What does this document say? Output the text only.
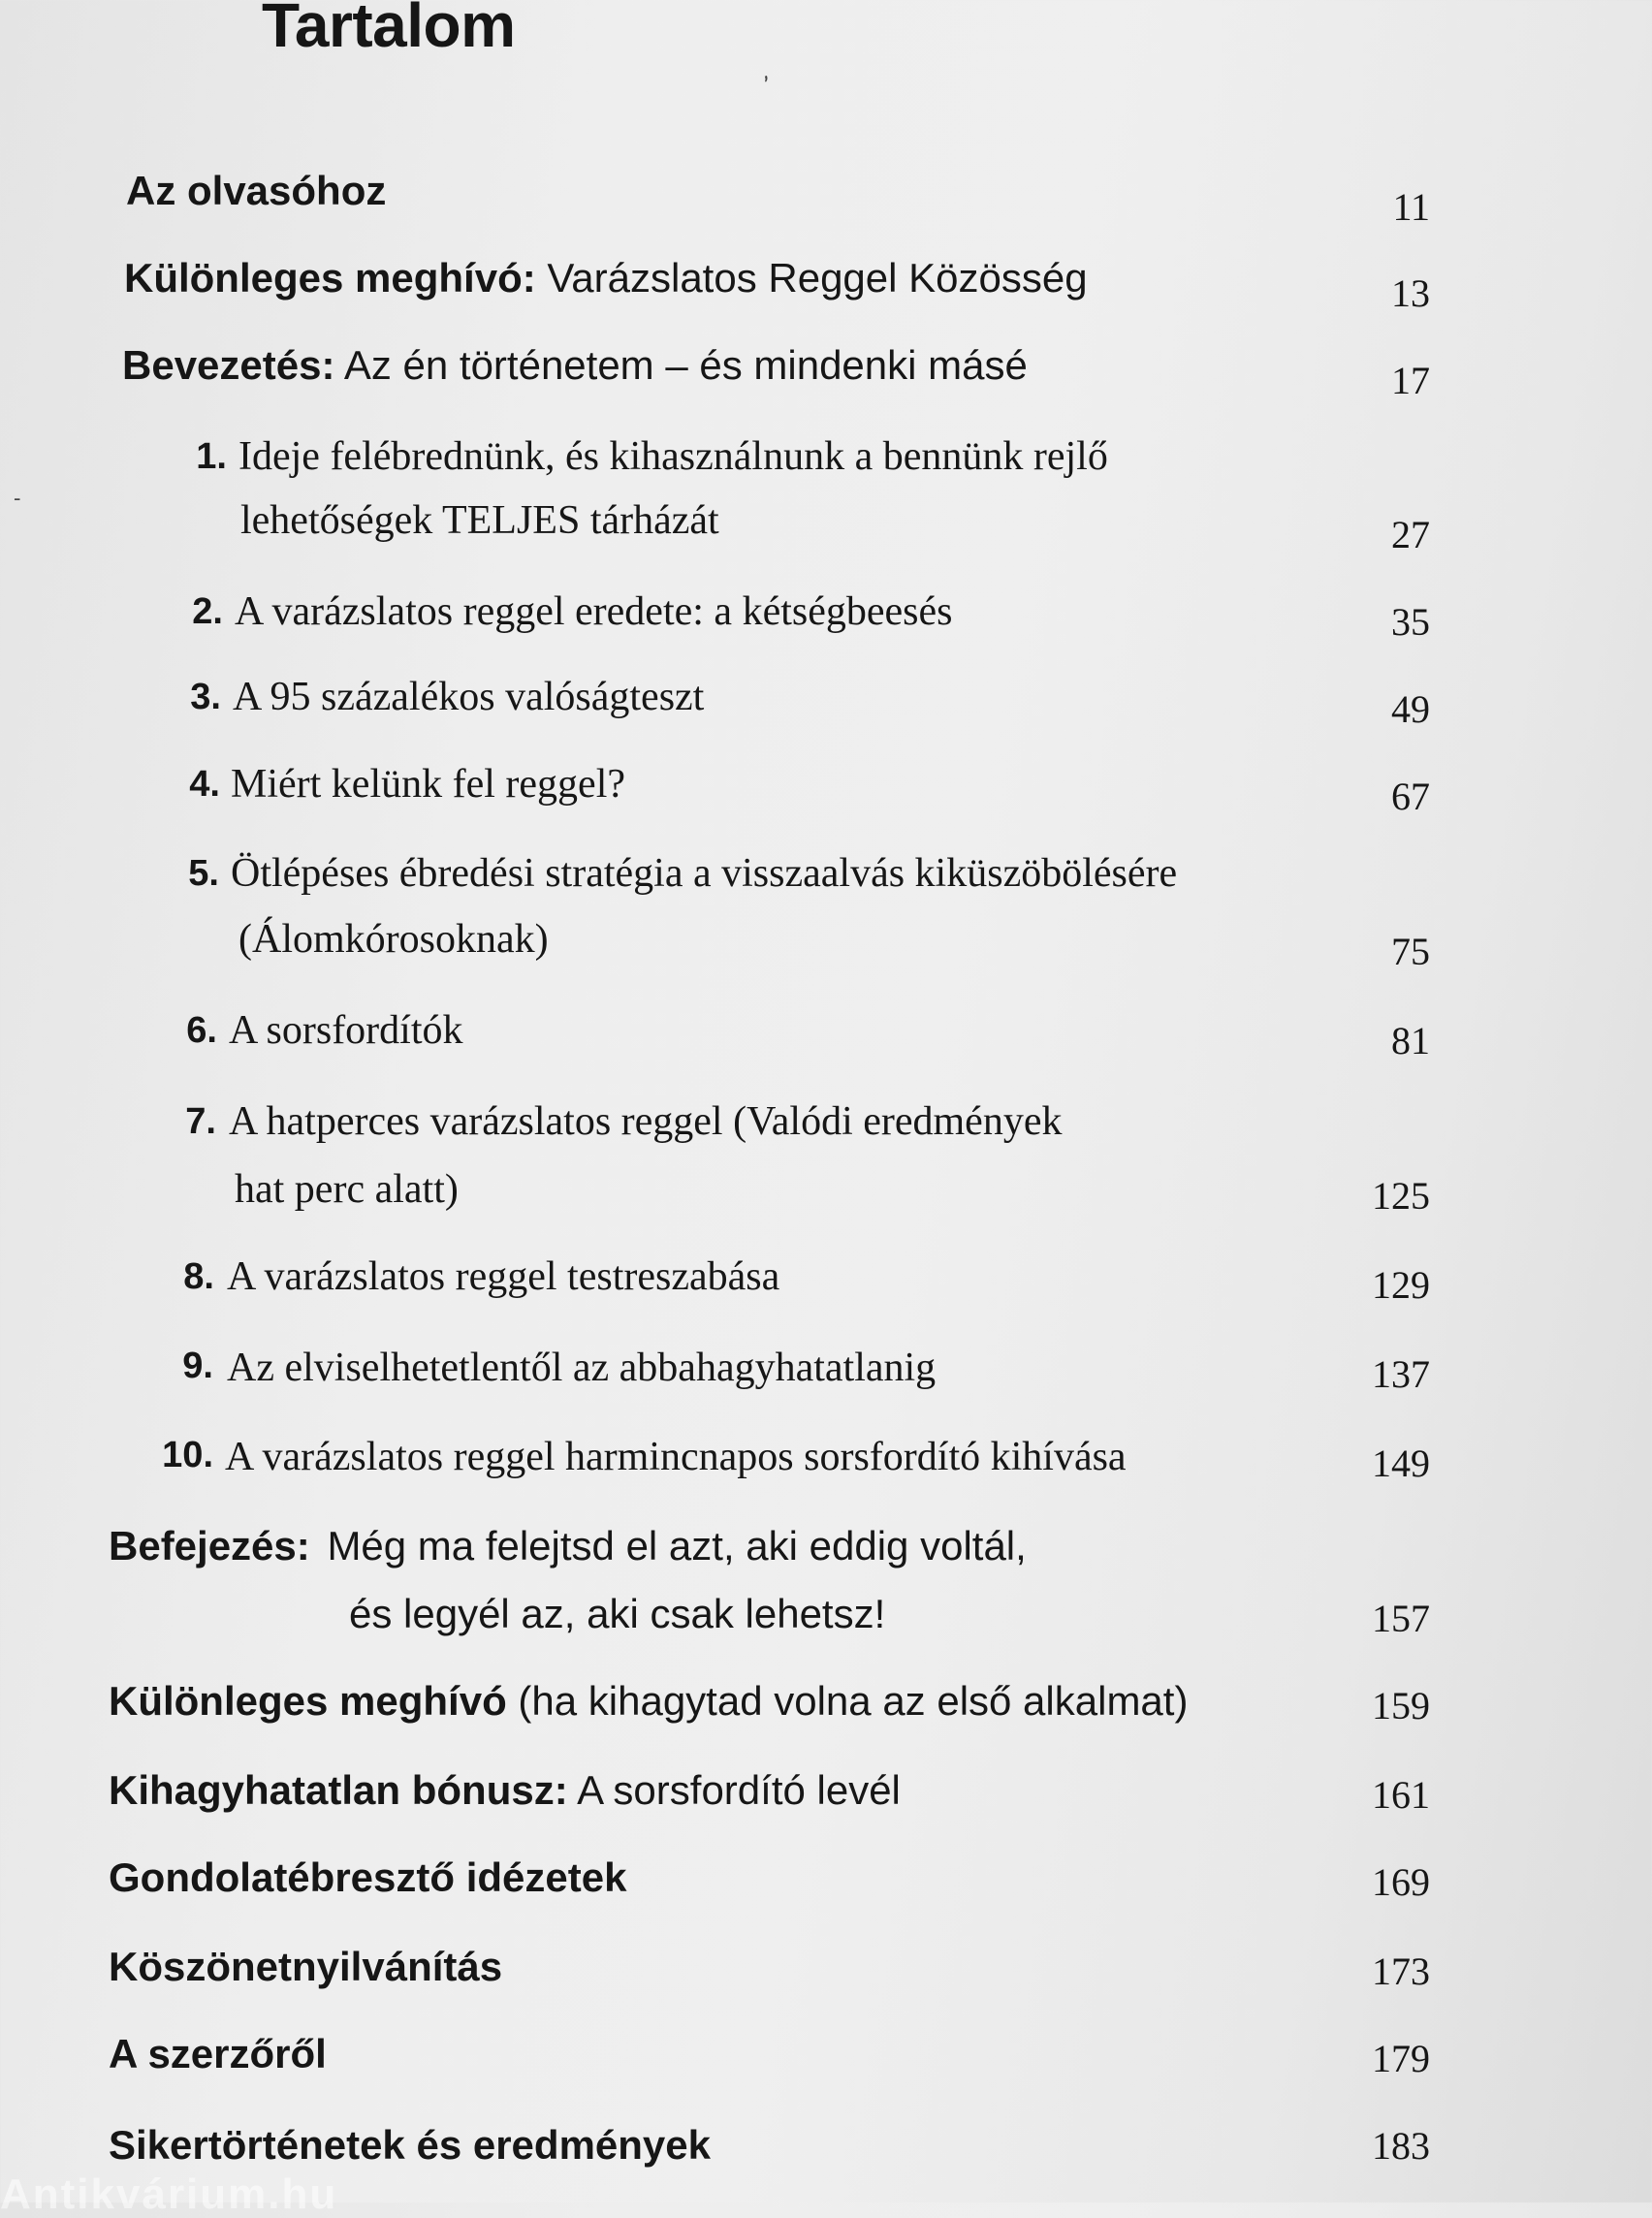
Tartalom
ʼ
-
Az olvasóhoz	11
Különleges meghívó: Varázslatos Reggel Közösség	13
Bevezetés: Az én történetem – és mindenki másé	17
1. Ideje felébrednünk, és kihasználnunk a bennünk rejlő
lehetőségek TELJES tárházát	27
2. A varázslatos reggel eredete: a kétségbeesés	35
3. A 95 százalékos valóságteszt	49
4. Miért kelünk fel reggel?	67
5. Ötlépéses ébredési stratégia a visszaalvás kiküszöbölésére
(Álomkórosoknak)	75
6. A sorsfordítók	81
7. A hatperces varázslatos reggel (Valódi eredmények
hat perc alatt)	125
8. A varázslatos reggel testreszabása	129
9. Az elviselhetetlentől az abbahagyhatatlanig	137
10. A varázslatos reggel harmincnapos sorsfordító kihívása	149
Befejezés: Még ma felejtsd el azt, aki eddig voltál,
és legyél az, aki csak lehetsz!	157
Különleges meghívó (ha kihagytad volna az első alkalmat)	159
Kihagyhatatlan bónusz: A sorsfordító levél	161
Gondolatébresztő idézetek	169
Köszönetnyilvánítás	173
A szerzőről	179
Sikertörténetek és eredmények	183
Antikvárium.hu
